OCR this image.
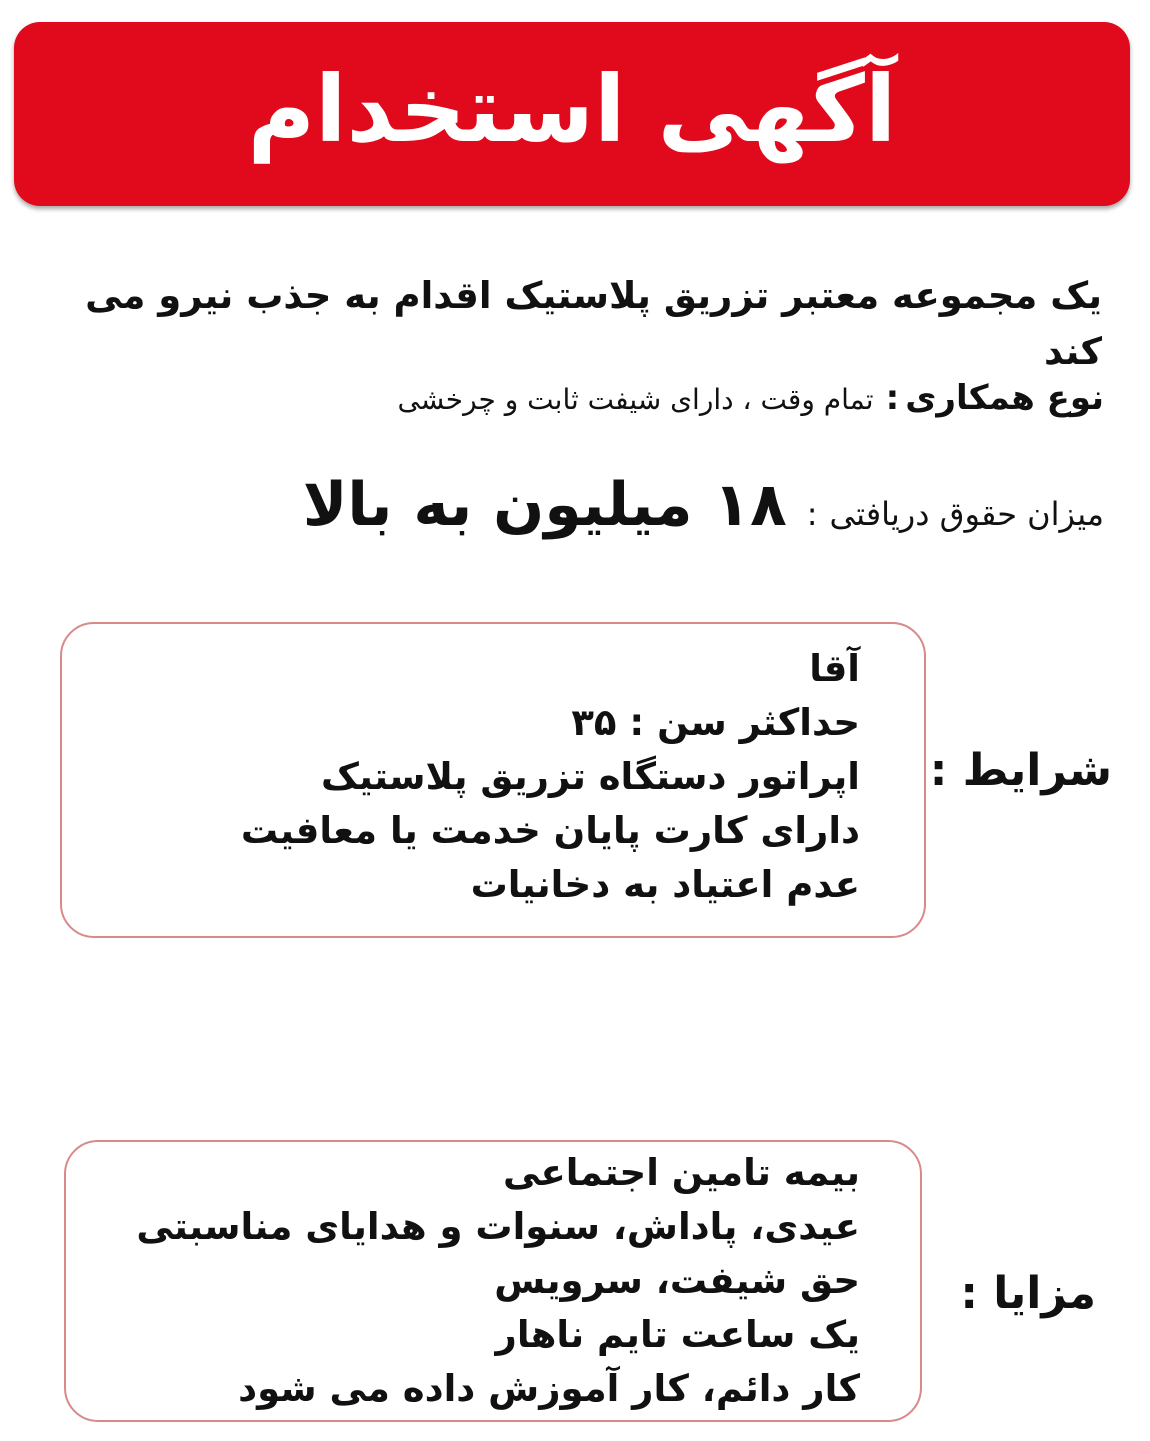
آگهی استخدام
یک مجموعه معتبر تزریق پلاستیک اقدام به جذب نیرو می کند
نوع همکاری:تمام وقت ، دارای شیفت ثابت و چرخشی
میزان حقوق دریافتی:۱۸ میلیون به بالا
شرایط :
آقا
حداکثر سن : ۳۵
اپراتور دستگاه تزریق پلاستیک
دارای کارت پایان خدمت یا معافیت
عدم اعتیاد به دخانیات
مزایا :
بیمه تامین اجتماعی
عیدی، پاداش، سنوات و هدایای مناسبتی
حق شیفت، سرویس
یک ساعت تایم ناهار
کار دائم، کار آموزش داده می شود
